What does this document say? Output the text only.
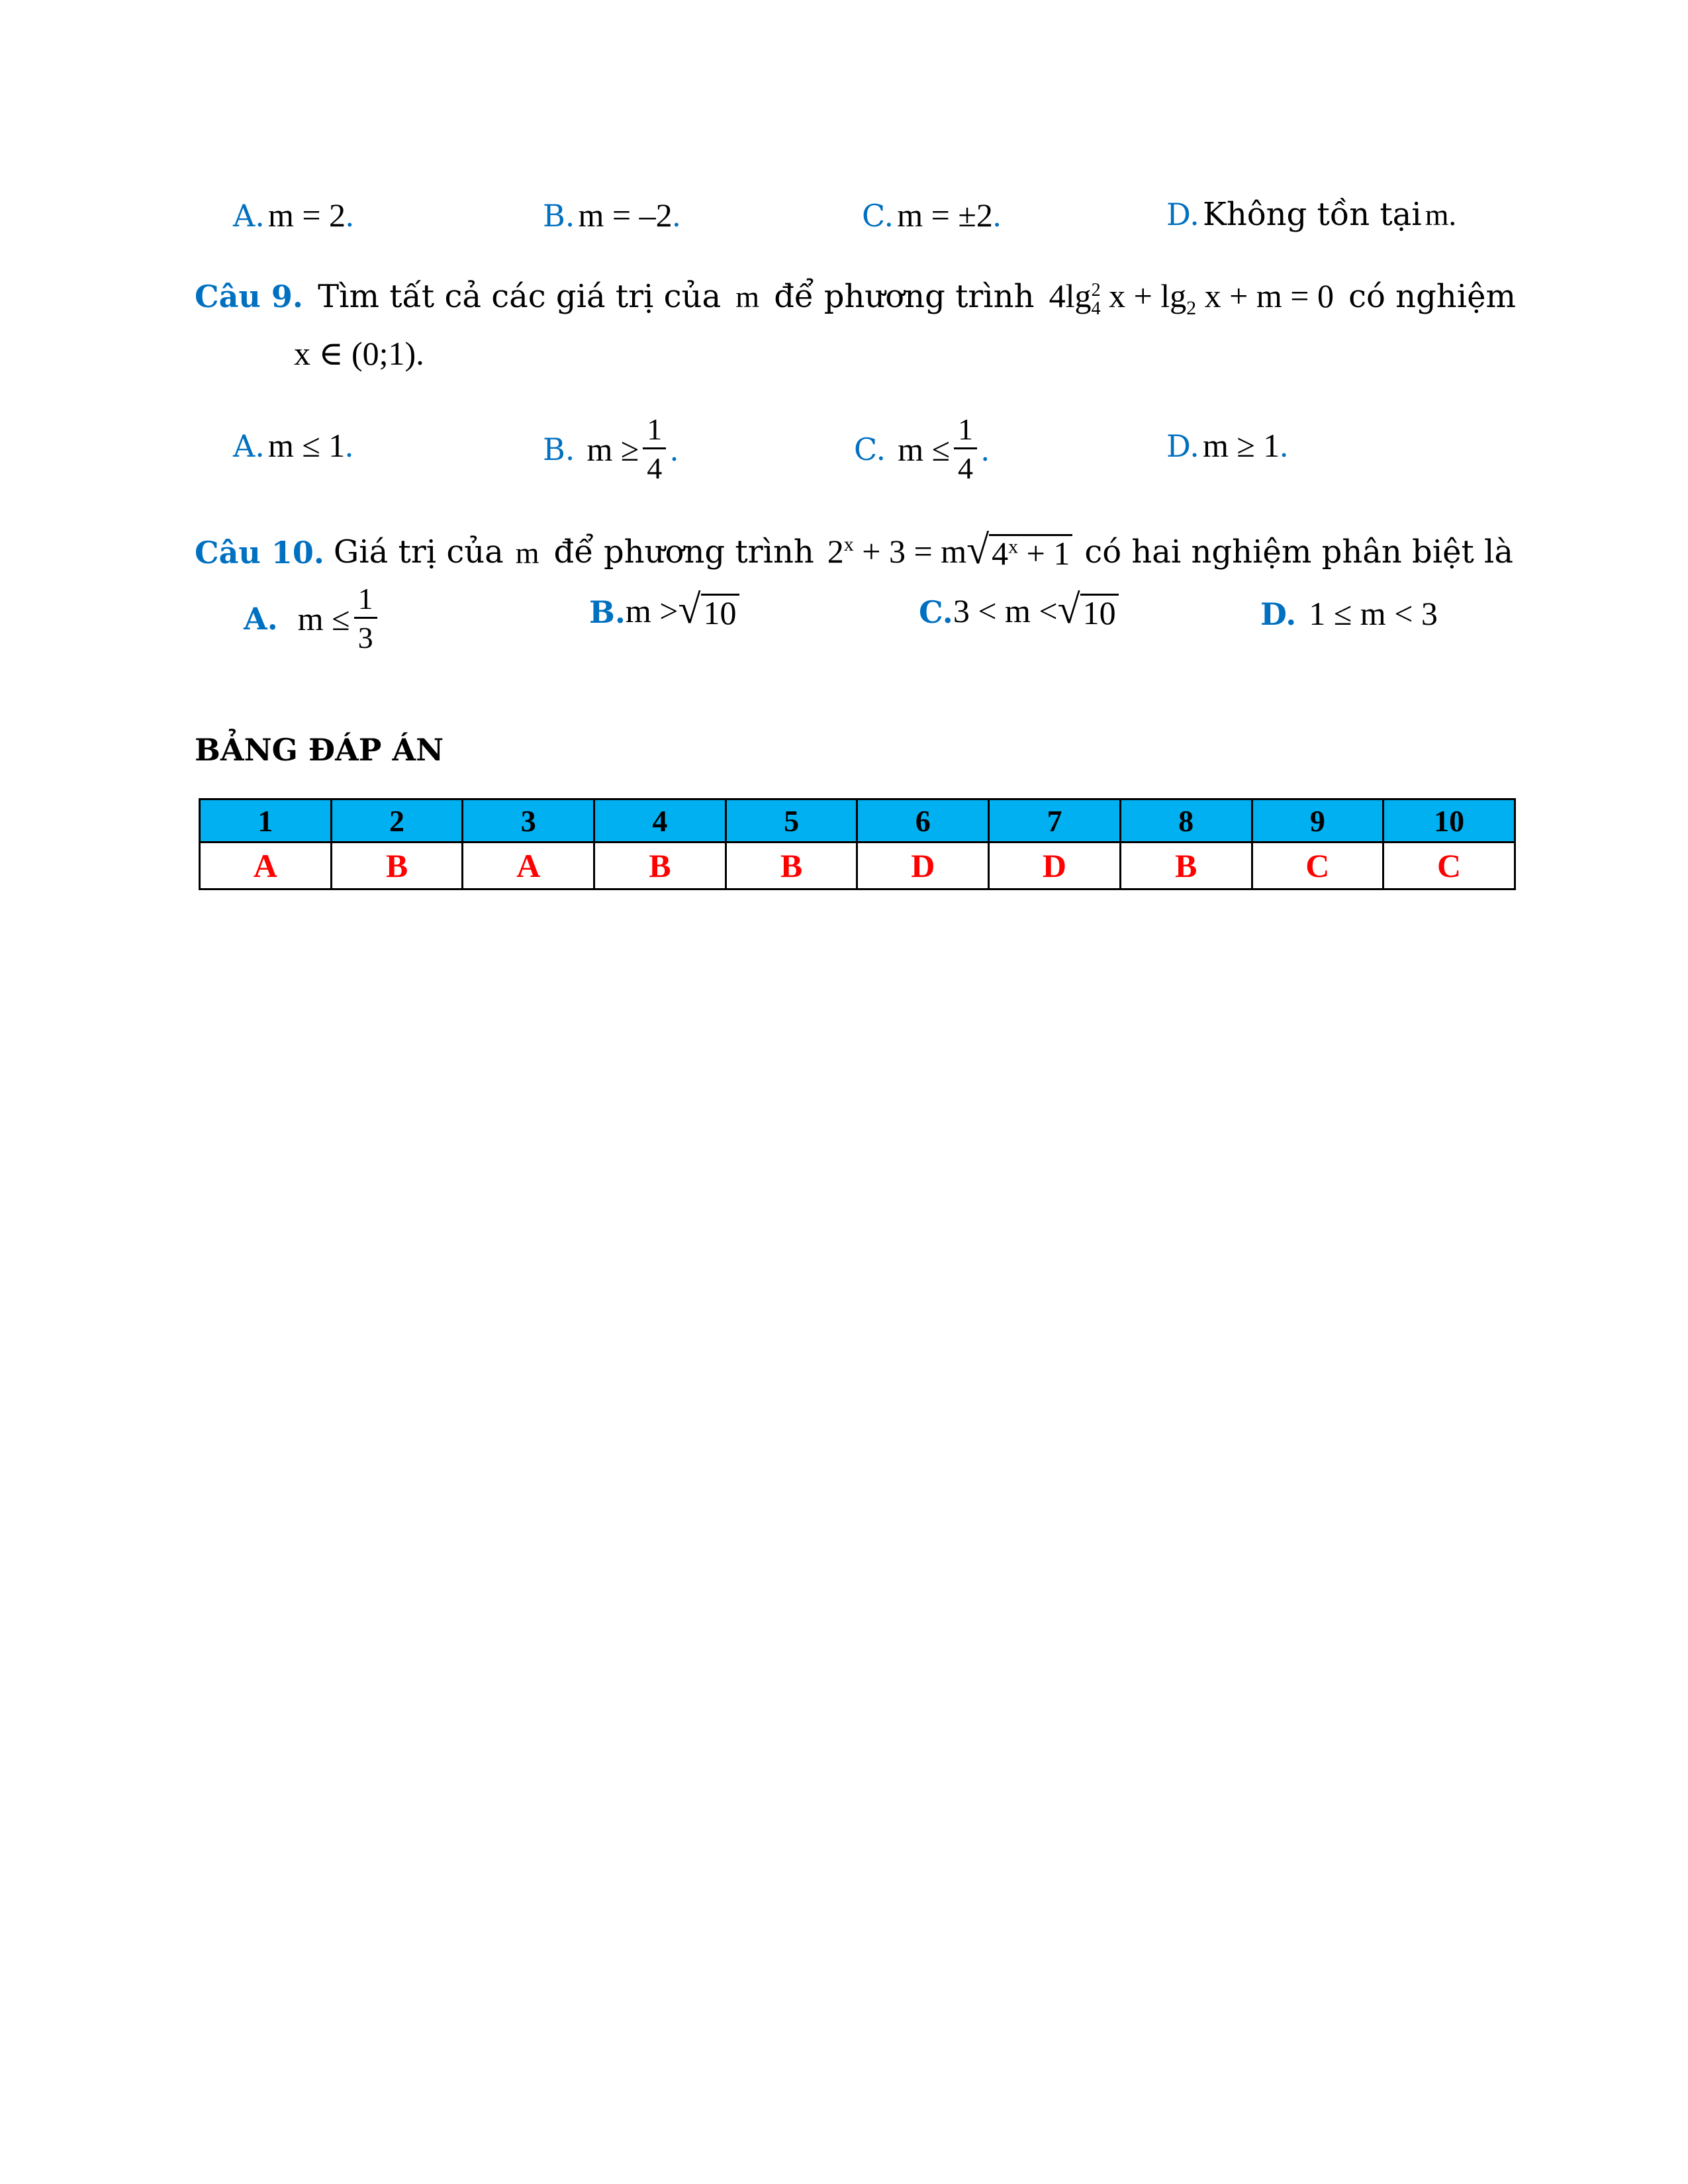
A. m = 2.	B. m = –2.	C. m = ±2.	D. Không tồn tại m.
Câu 9. Tìm tất cả các giá trị của m để phương trình 4lg 2
4 $x + \lg_2 x + m = 0$ có nghiệm
x ∈ (0;1).
A. m ≤ 1.	B. $m \ge \frac{1}{4}$ .	C. $m \le \frac{1}{4}$ .	D. m ≥ 1.
Câu 10. Giá trị của m để phương trình $2^x + 3 = m$ √ $4^x + 1$ có hai nghiệm phân biệt là
A. $m \le \frac{1}{3}$	B. m > √ 10	C. 3 < m < √ 10	D. 1 ≤ m < 3
BẢNG ĐÁP ÁN
1	2	3	4	5	6	7	8	9	10
A	B	A	B	B	D	D	B	C	C
